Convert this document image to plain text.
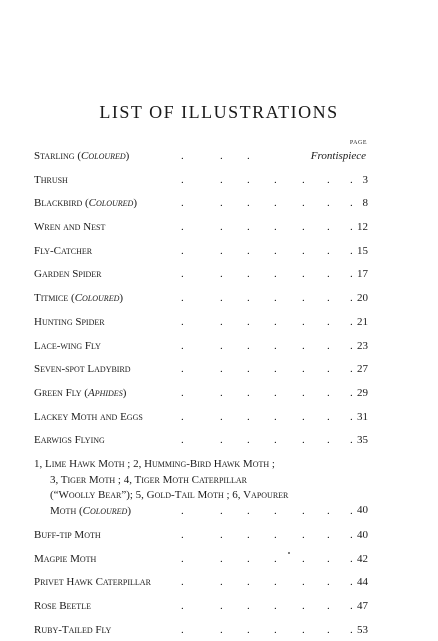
LIST OF ILLUSTRATIONS
PAGE
Starling (Coloured)	.	. .	Frontispiece
Thrush	.	. . . . . . 3
Blackbird (Coloured)	.	. . . . . . 8
Wren and Nest	.	. . . . . . 12
Fly-Catcher	.	. . . . . . 15
Garden Spider	.	. . . . . . 17
Titmice (Coloured)	.	. . . . . . 20
Hunting Spider	.	. . . . . . 21
Lace-wing Fly	.	. . . . . . 23
Seven-spot Ladybird	.	. . . . . . 27
Green Fly (Aphides)	.	. . . . . . 29
Lackey Moth and Eggs	.	. . . . . . 31
Earwigs Flying	.	. . . . . . 35
1, Lime Hawk Moth ; 2, Humming-Bird Hawk Moth ;
3, Tiger Moth ; 4, Tiger Moth Caterpillar
(“Woolly Bear”); 5, Gold-Tail Moth ; 6, Vapourer
Moth (Coloured)	.	. . . . . . 40
Buff-tip Moth	.	. . . . . . 40
Magpie Moth	.	. . . . . . 42
Privet Hawk Caterpillar	.	. . . . . . 44
Rose Beetle	.	. . . . . . 47
Ruby-Tailed Fly	.	. . . . . . 53
